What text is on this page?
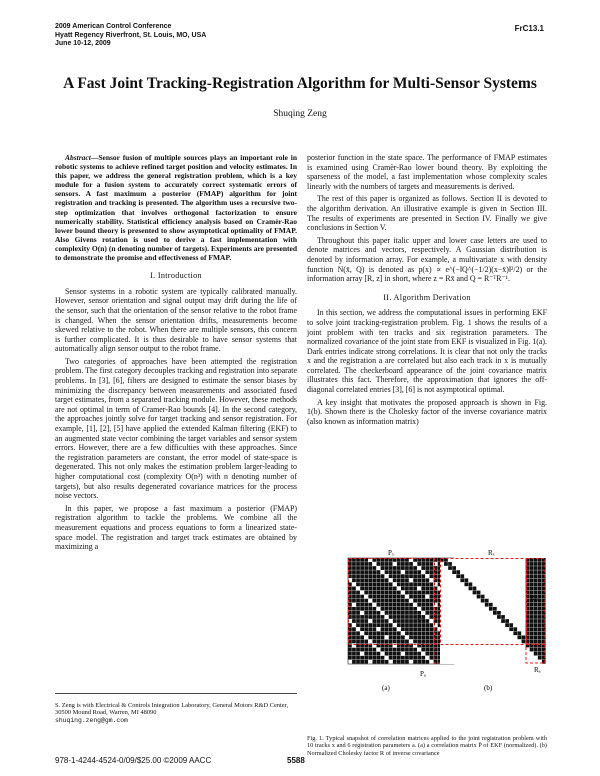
2009 American Control Conference
Hyatt Regency Riverfront, St. Louis, MO, USA
June 10-12, 2009
FrC13.1
A Fast Joint Tracking-Registration Algorithm for Multi-Sensor Systems
Shuqing Zeng

Abstract—Sensor fusion of multiple sources plays an important role in robotic systems to achieve refined target position and velocity estimates. In this paper, we address the general registration problem, which is a key module for a fusion system to accurately correct systematic errors of sensors. A fast maximum a posterior (FMAP) algorithm for joint registration and tracking is presented. The algorithm uses a recursive two-step optimization that involves orthogonal factorization to ensure numerically stability. Statistical efficiency analysis based on Cramèr-Rao lower bound theory is presented to show asymptotical optimality of FMAP. Also Givens rotation is used to derive a fast implementation with complexity O(n) (n denoting number of targets). Experiments are presented to demonstrate the promise and effectiveness of FMAP.

I. Introduction

Sensor systems in a robotic system are typically calibrated manually. However, sensor orientation and signal output may drift during the life of the sensor, such that the orientation of the sensor relative to the robot frame is changed. When the sensor orientation drifts, measurements become skewed relative to the robot. When there are multiple sensors, this concern is further complicated. It is thus desirable to have sensor systems that automatically align sensor output to the robot frame.

Two categories of approaches have been attempted the registration problem. The first category decouples tracking and registration into separate problems. In [3], [6], filters are designed to estimate the sensor biases by minimizing the discrepancy between measurements and associated fused target estimates, from a separated tracking module. However, these methods are not optimal in term of Cramer-Rao bounds [4]. In the second category, the approaches jointly solve for target tracking and sensor registration. For example, [1], [2], [5] have applied the extended Kalman filtering (EKF) to an augmented state vector combining the target variables and sensor system errors. However, there are a few difficulties with these approaches. Since the registration parameters are constant, the error model of state-space is degenerated. This not only makes the estimation problem larger-leading to higher computational cost (complexity O(n³) with n denoting number of targets), but also results degenerated covariance matrices for the process noise vectors.

In this paper, we propose a fast maximum a posterior (FMAP) registration algorithm to tackle the problems. We combine all the measurement equations and process equations to form a linearized state-space model. The registration and target track estimates are obtained by maximizing a

S. Zeng is with Electrical & Controls Integration Laboratory, General Motors R&D Center, 30500 Mound Road, Warren, MI 48090
shuqing.zeng@gm.com

posterior function in the state space. The performance of FMAP estimates is examined using Cramèr-Rao lower bound theory. By exploiting the sparseness of the model, a fast implementation whose complexity scales linearly with the numbers of targets and measurements is derived.

The rest of this paper is organized as follows. Section II is devoted to the algorithm derivation. An illustrative example is given in Section III. The results of experiments are presented in Section IV. Finally we give conclusions in Section V.

Throughout this paper italic upper and lower case letters are used to denote matrices and vectors, respectively. A Gaussian distribution is denoted by information array. For example, a multivariate x with density function N(x̄, Q) is denoted as p(x) ∝ e^(−‖Q^(−1/2)(x−x̄)‖²/2) or the information array [R, z] in short, where z = Rx̄ and Q = R⁻ᵀR⁻¹.

II. Algorithm Derivation

In this section, we address the computational issues in performing EKF to solve joint tracking-registration problem. Fig. 1 shows the results of a joint problem with ten tracks and six registration parameters. The normalized covariance of the joint state from EKF is visualized in Fig. 1(a). Dark entries indicate strong correlations. It is clear that not only the tracks x and the registration a are correlated but also each track in x is mutually correlated. The checkerboard appearance of the joint covariance matrix illustrates this fact. Therefore, the approximation that ignores the off-diagonal correlated entries [3], [6] is not asymptotical optimal.

A key insight that motivates the proposed approach is shown in Fig. 1(b). Shown there is the Cholesky factor of the inverse covariance matrix (also known as information matrix)

Pₓ
Pₓₐ
Pₐ
Rₓ
Rₓₐ
Rₐ
(a)	(b)
Fig. 1. Typical snapshot of correlation matrices applied to the joint registration problem with 10 tracks x and 6 registration parameters a. (a) a correlation matrix P̄ of EKF (normalized). (b) Normalized Cholesky factor R of inverse covariance
978-1-4244-4524-0/09/$25.00 ©2009 AACC	5588
